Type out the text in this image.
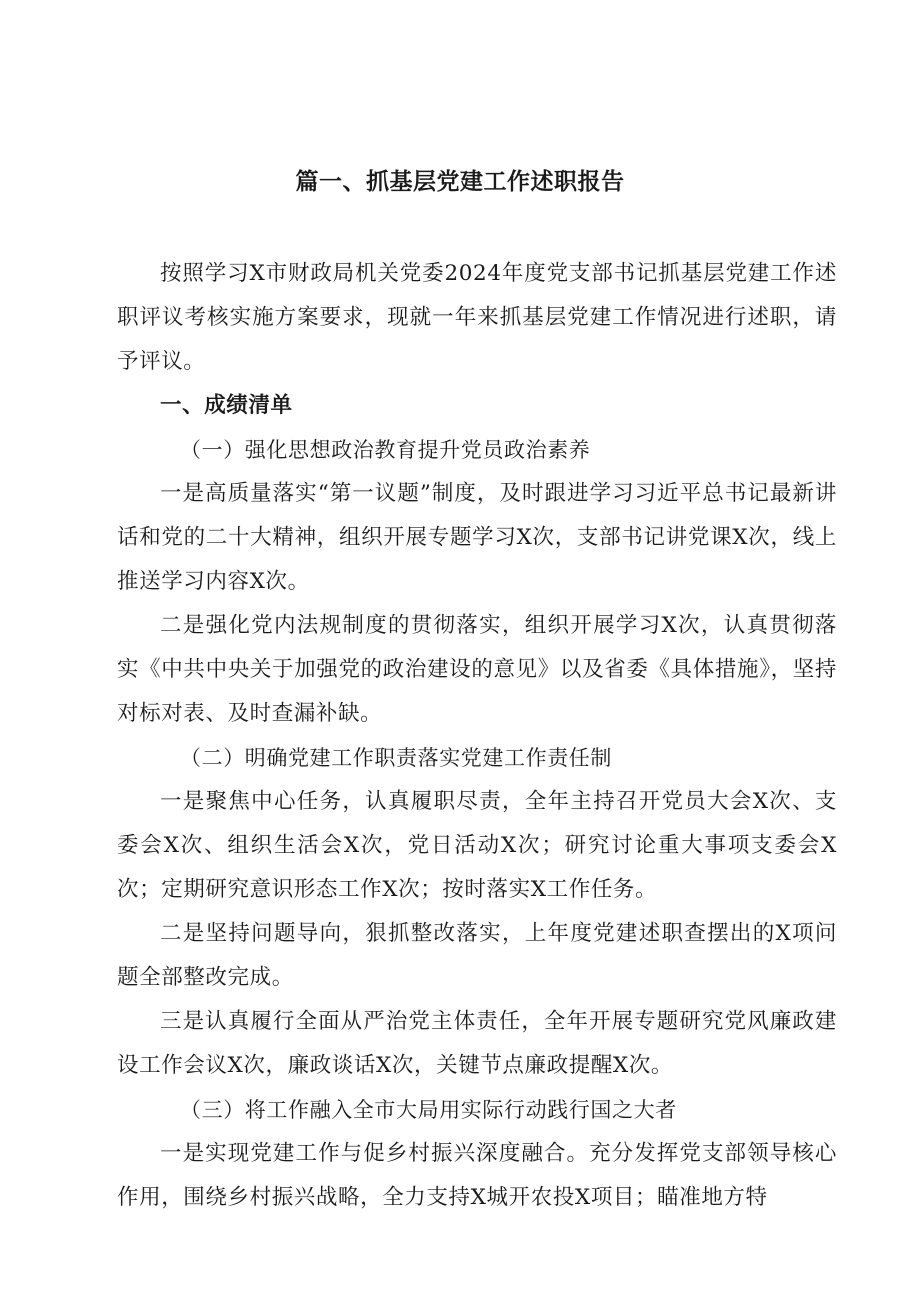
篇一、抓基层党建工作述职报告

按照学习X市财政局机关党委2024年度党支部书记抓基层党建工作述职评议考核实施方案要求，现就一年来抓基层党建工作情况进行述职，请予评议。

一、成绩清单
（一）强化思想政治教育提升党员政治素养

一是高质量落实“第一议题”制度，及时跟进学习习近平总书记最新讲话和党的二十大精神，组织开展专题学习X次，支部书记讲党课X次，线上推送学习内容X次。

二是强化党内法规制度的贯彻落实，组织开展学习X次，认真贯彻落实《中共中央关于加强党的政治建设的意见》以及省委《具体措施》，坚持对标对表、及时查漏补缺。

（二）明确党建工作职责落实党建工作责任制

一是聚焦中心任务，认真履职尽责，全年主持召开党员大会X次、支委会X次、组织生活会X次，党日活动X次；研究讨论重大事项支委会X次；定期研究意识形态工作X次；按时落实X工作任务。

二是坚持问题导向，狠抓整改落实，上年度党建述职查摆出的X项问题全部整改完成。

三是认真履行全面从严治党主体责任，全年开展专题研究党风廉政建设工作会议X次，廉政谈话X次，关键节点廉政提醒X次。

（三）将工作融入全市大局用实际行动践行国之大者

一是实现党建工作与促乡村振兴深度融合。充分发挥党支部领导核心作用，围绕乡村振兴战略，全力支持X城开农投X项目；瞄准地方特
